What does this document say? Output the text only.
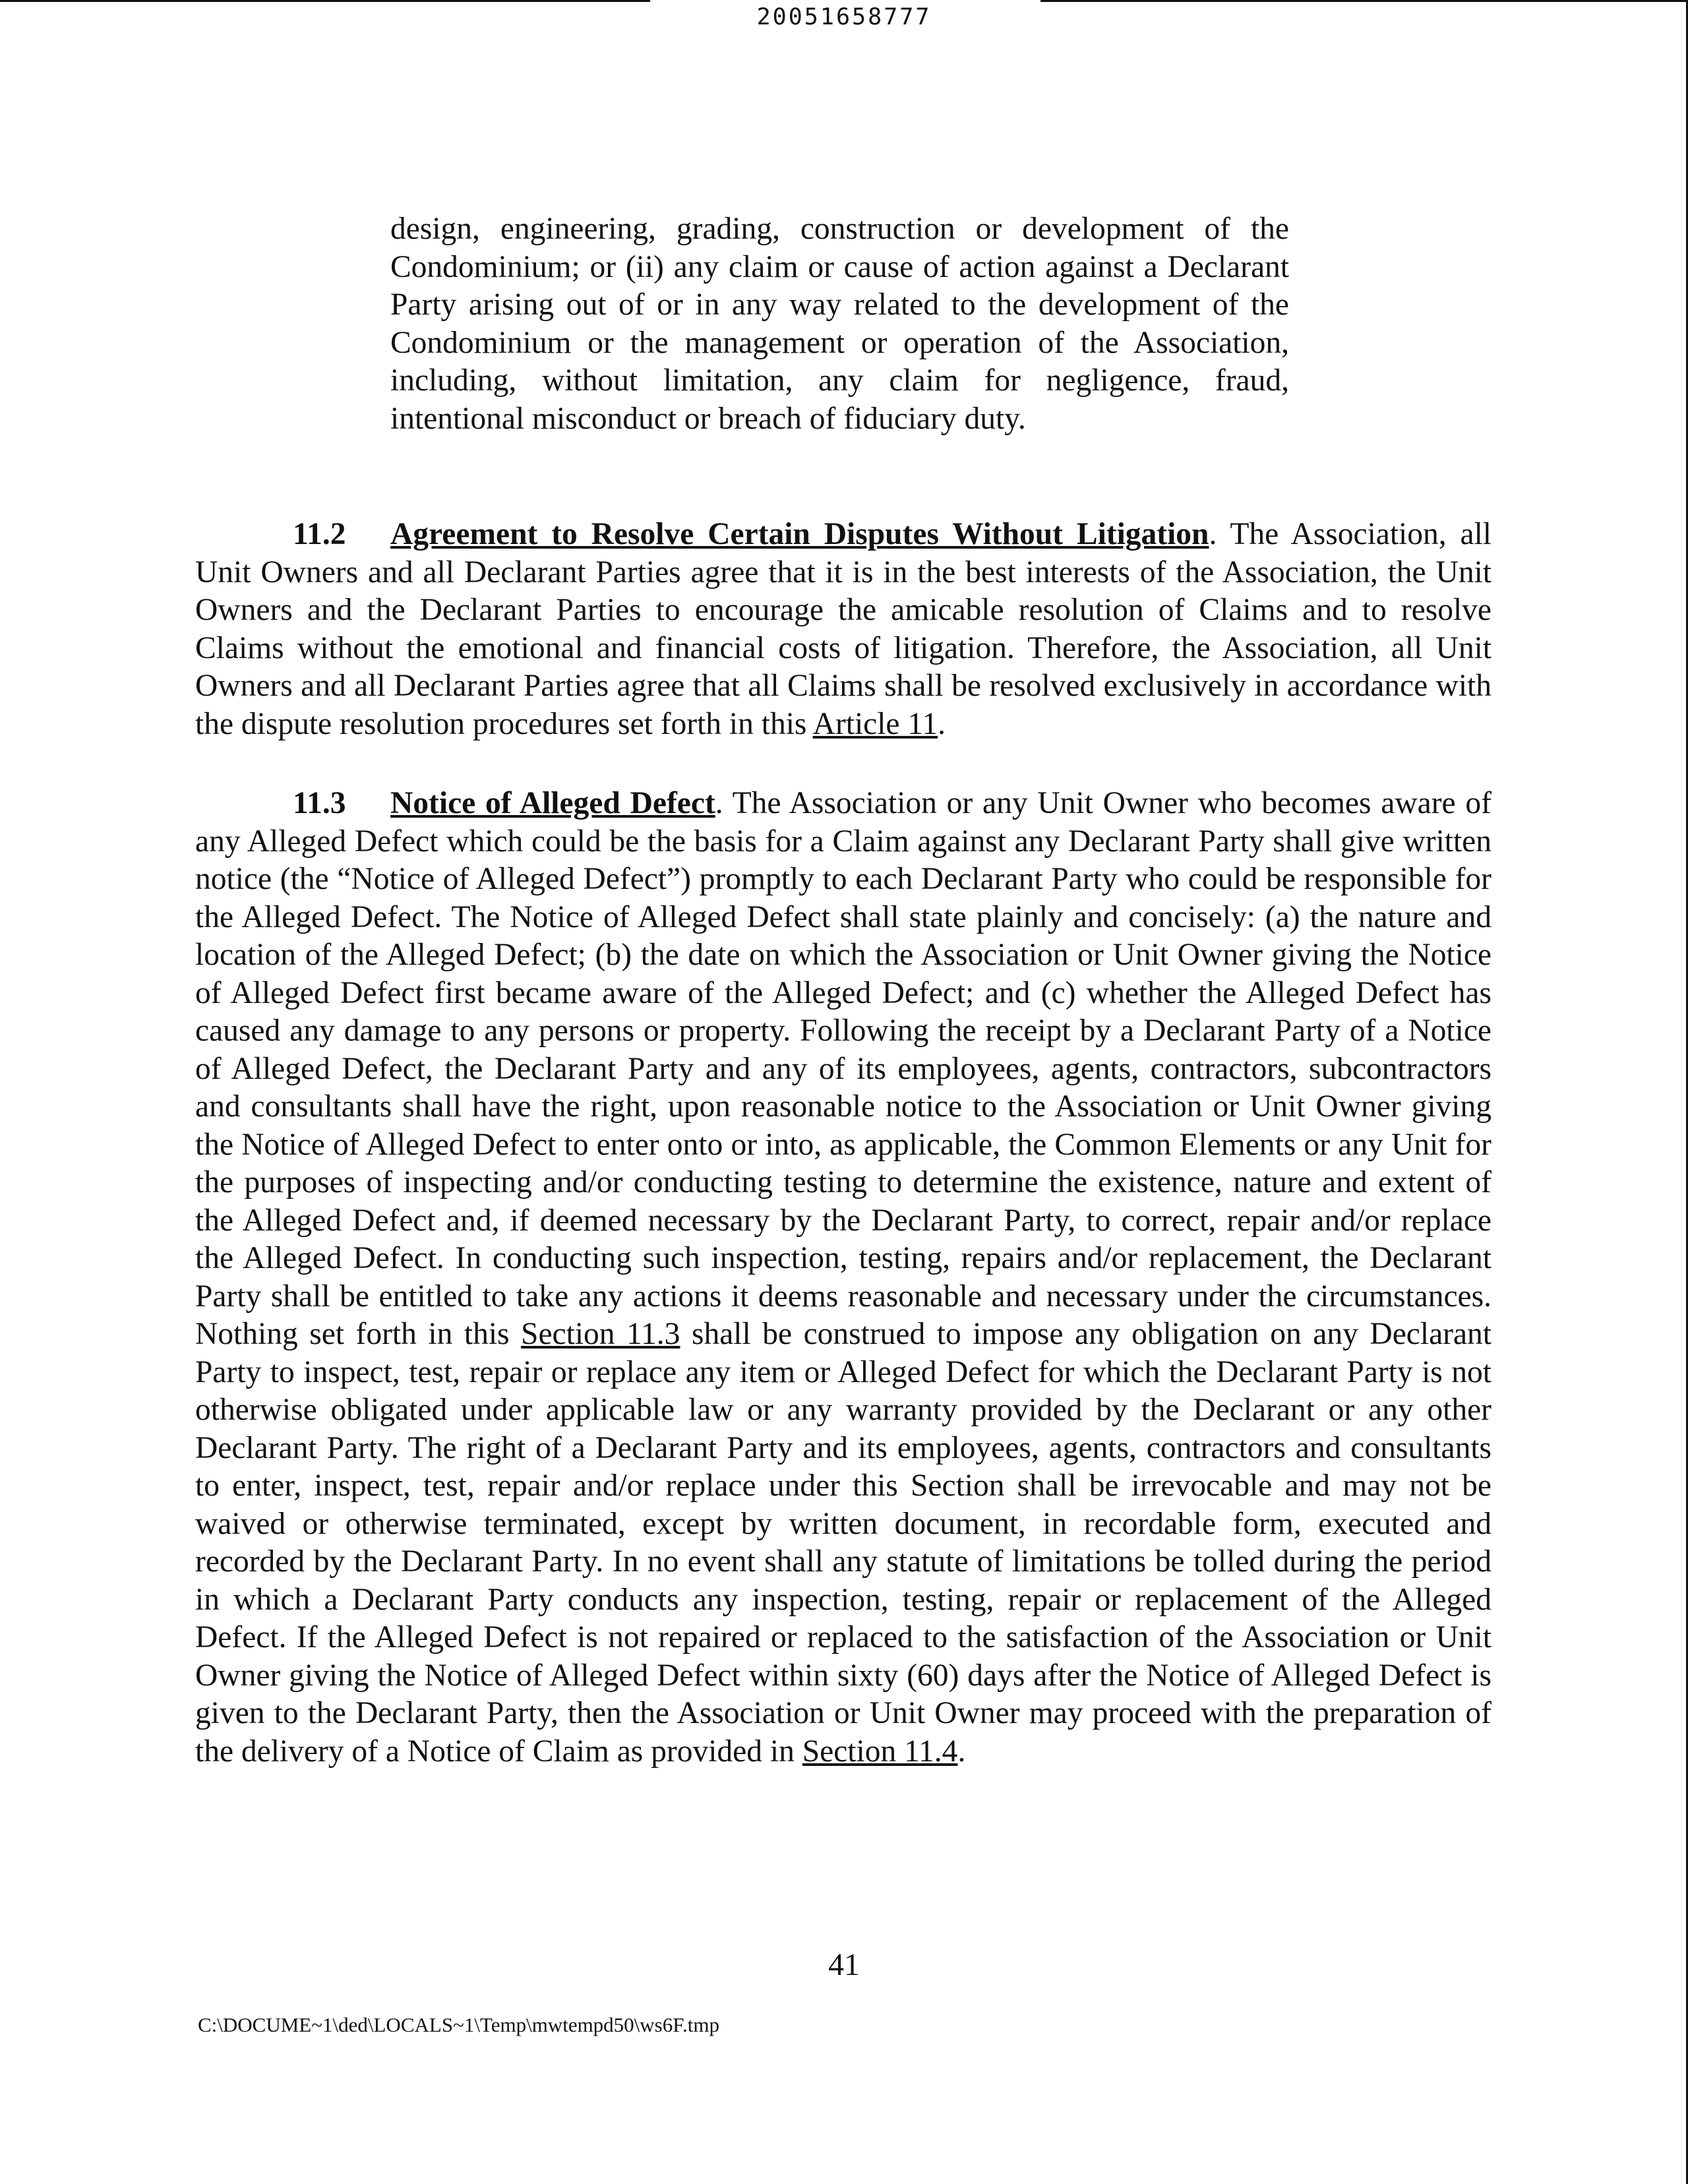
20051658777

design, engineering, grading, construction or development of the Condominium; or (ii) any claim or cause of action against a Declarant Party arising out of or in any way related to the development of the Condominium or the management or operation of the Association, including, without limitation, any claim for negligence, fraud, intentional misconduct or breach of fiduciary duty.

11.2 Agreement to Resolve Certain Disputes Without Litigation. The Association, all Unit Owners and all Declarant Parties agree that it is in the best interests of the Association, the Unit Owners and the Declarant Parties to encourage the amicable resolution of Claims and to resolve Claims without the emotional and financial costs of litigation. Therefore, the Association, all Unit Owners and all Declarant Parties agree that all Claims shall be resolved exclusively in accordance with the dispute resolution procedures set forth in this Article 11.

11.3 Notice of Alleged Defect. The Association or any Unit Owner who becomes aware of any Alleged Defect which could be the basis for a Claim against any Declarant Party shall give written notice (the “Notice of Alleged Defect”) promptly to each Declarant Party who could be responsible for the Alleged Defect. The Notice of Alleged Defect shall state plainly and concisely: (a) the nature and location of the Alleged Defect; (b) the date on which the Association or Unit Owner giving the Notice of Alleged Defect first became aware of the Alleged Defect; and (c) whether the Alleged Defect has caused any damage to any persons or property. Following the receipt by a Declarant Party of a Notice of Alleged Defect, the Declarant Party and any of its employees, agents, contractors, subcontractors and consultants shall have the right, upon reasonable notice to the Association or Unit Owner giving the Notice of Alleged Defect to enter onto or into, as applicable, the Common Elements or any Unit for the purposes of inspecting and/or conducting testing to determine the existence, nature and extent of the Alleged Defect and, if deemed necessary by the Declarant Party, to correct, repair and/or replace the Alleged Defect. In conducting such inspection, testing, repairs and/or replacement, the Declarant Party shall be entitled to take any actions it deems reasonable and necessary under the circumstances. Nothing set forth in this Section 11.3 shall be construed to impose any obligation on any Declarant Party to inspect, test, repair or replace any item or Alleged Defect for which the Declarant Party is not otherwise obligated under applicable law or any warranty provided by the Declarant or any other Declarant Party. The right of a Declarant Party and its employees, agents, contractors and consultants to enter, inspect, test, repair and/or replace under this Section shall be irrevocable and may not be waived or otherwise terminated, except by written document, in recordable form, executed and recorded by the Declarant Party. In no event shall any statute of limitations be tolled during the period in which a Declarant Party conducts any inspection, testing, repair or replacement of the Alleged Defect. If the Alleged Defect is not repaired or replaced to the satisfaction of the Association or Unit Owner giving the Notice of Alleged Defect within sixty (60) days after the Notice of Alleged Defect is given to the Declarant Party, then the Association or Unit Owner may proceed with the preparation of the delivery of a Notice of Claim as provided in Section 11.4.

41
C:\DOCUME~1\ded\LOCALS~1\Temp\mwtempd50\ws6F.tmp
